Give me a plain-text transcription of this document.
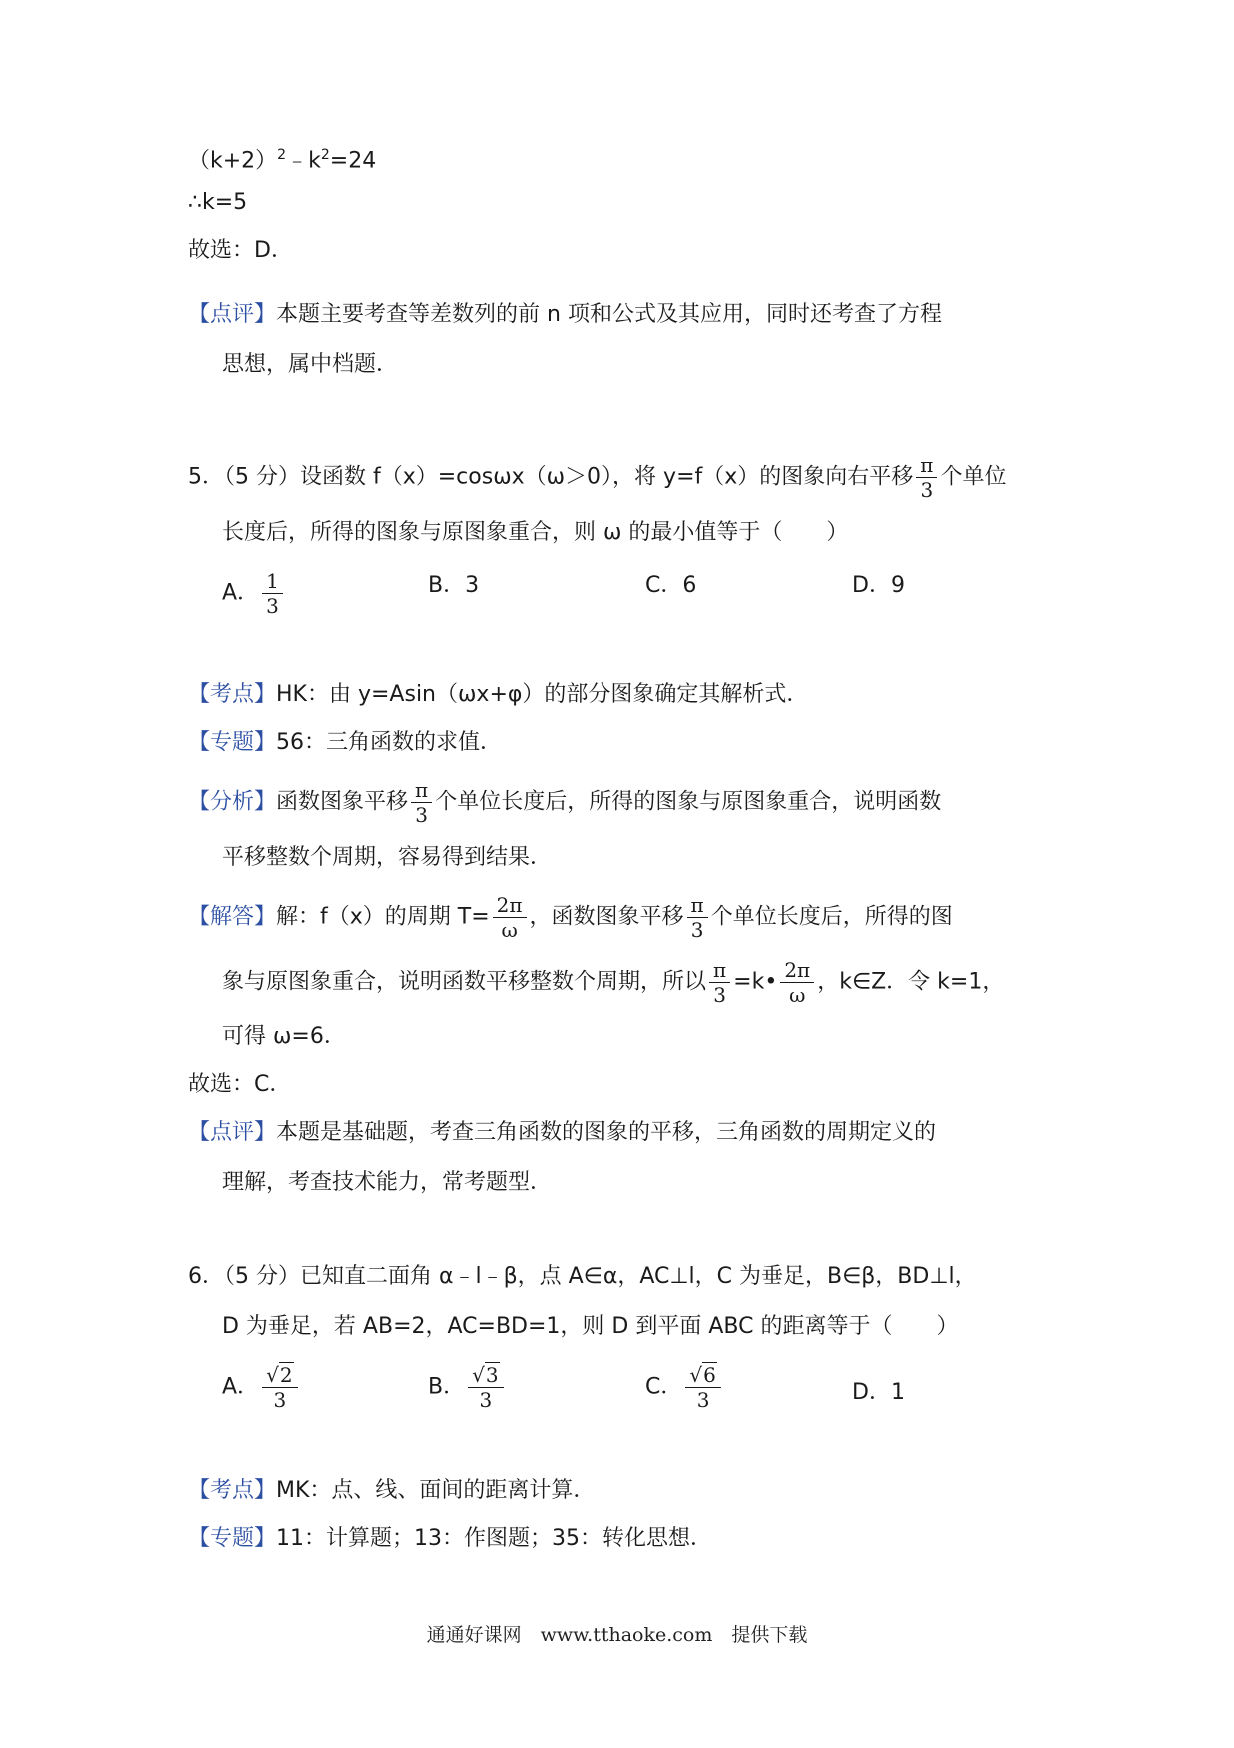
$(k+2)^2﹣k^2=24$
∴k=5
故选：D．
【点评】本题主要考查等差数列的前 n 项和公式及其应用，同时还考查了方程
思想，属中档题．
5．（5 分）设函数 f（x）=cosωx（ω＞0），将 y=f（x）的图象向右平移 $\frac{\pi}{3}$ 个单位
长度后，所得的图象与原图象重合，则 ω 的最小值等于（　　）
A． $\frac{1}{3}$	B．3	C．6	D．9
【考点】HK：由 y=Asin（ωx+φ）的部分图象确定其解析式．
【专题】56：三角函数的求值．
【分析】函数图象平移 $\frac{\pi}{3}$ 个单位长度后，所得的图象与原图象重合，说明函数
平移整数个周期，容易得到结果．
【解答】解：f（x）的周期 $T= \frac{2\pi}{\omega}$ ，函数图象平移 $\frac{\pi}{3}$ 个单位长度后，所得的图
象与原图象重合，说明函数平移整数个周期，所以 $\frac{\pi}{3}$ =k• $\frac{2\pi}{\omega}$ ，k∈Z．令 k=1，
可得 ω=6．
故选：C．
【点评】本题是基础题，考查三角函数的图象的平移，三角函数的周期定义的
理解，考查技术能力，常考题型．
6．（5 分）已知直二面角 α﹣l﹣β，点 A∈α，AC⊥l，C 为垂足，B∈β，BD⊥l，
D 为垂足，若 AB=2，AC=BD=1，则 D 到平面 ABC 的距离等于（　　）
A． $\frac{√2}{3}$	B． $\frac{√3}{3}$	C． $\frac{√6}{3}$	D．1
【考点】MK：点、线、面间的距离计算．
【专题】11：计算题；13：作图题；35：转化思想．
通通好课网　www.tthaoke.com　提供下载
